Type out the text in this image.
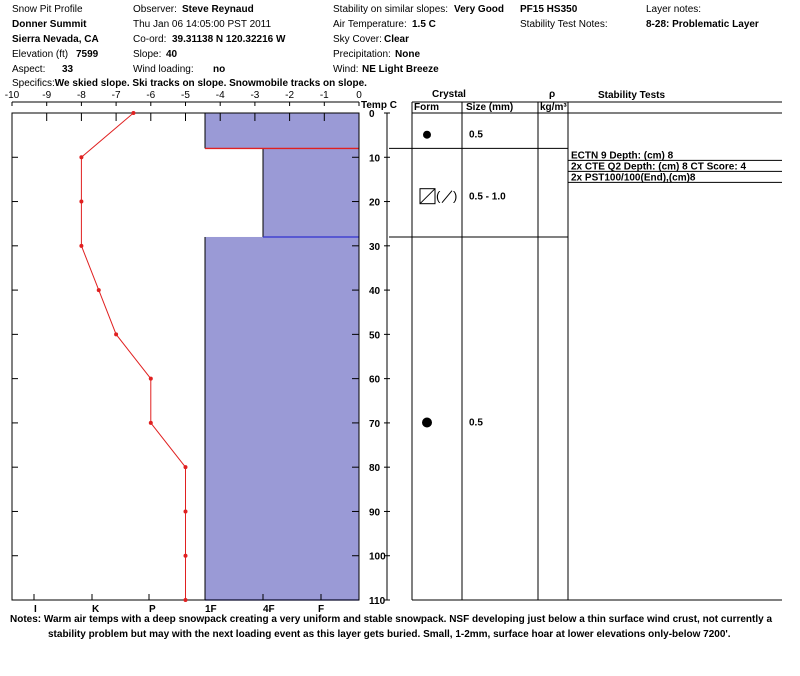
Snow Pit Profile
Donner Summit
Sierra Nevada, CA
Elevation (ft) 7599
Aspect: 33
Observer: Steve Reynaud
Thu Jan 06 14:05:00 PST 2011
Co-ord: 39.31138 N 120.32216 W
Slope: 40
Wind loading: no
Stability on similar slopes: Very Good
Air Temperature: 1.5 C
Sky Cover: Clear
Precipitation: None
Wind: NE Light Breeze
PF15 HS350
Stability Test Notes:
Layer notes:
8-28: Problematic Layer
Specifics:We skied slope. Ski tracks on slope. Snowmobile tracks on slope.
-10 -9	-8	-7	-6	-5	-4	-3	-2	-1	0
Temp C
0
10
20
30
40
50
60
70
80
90
100
110
I	K	P	1F	4F	F
Crystal
Form	Size (mm)
ρ
kg/m³
Stability Tests
0.5
( ) 0.5 - 1.0
0.5
ECTN 9 Depth: (cm) 8
2x CTE Q2 Depth: (cm) 8 CT Score: 4
2x PST100/100(End),(cm)8
Notes: Warm air temps with a deep snowpack creating a very uniform and stable snowpack. NSF developing just below a thin surface wind crust, not currently a
stability problem but may with the next loading event as this layer gets buried. Small, 1-2mm, surface hoar at lower elevations only-below 7200'.
